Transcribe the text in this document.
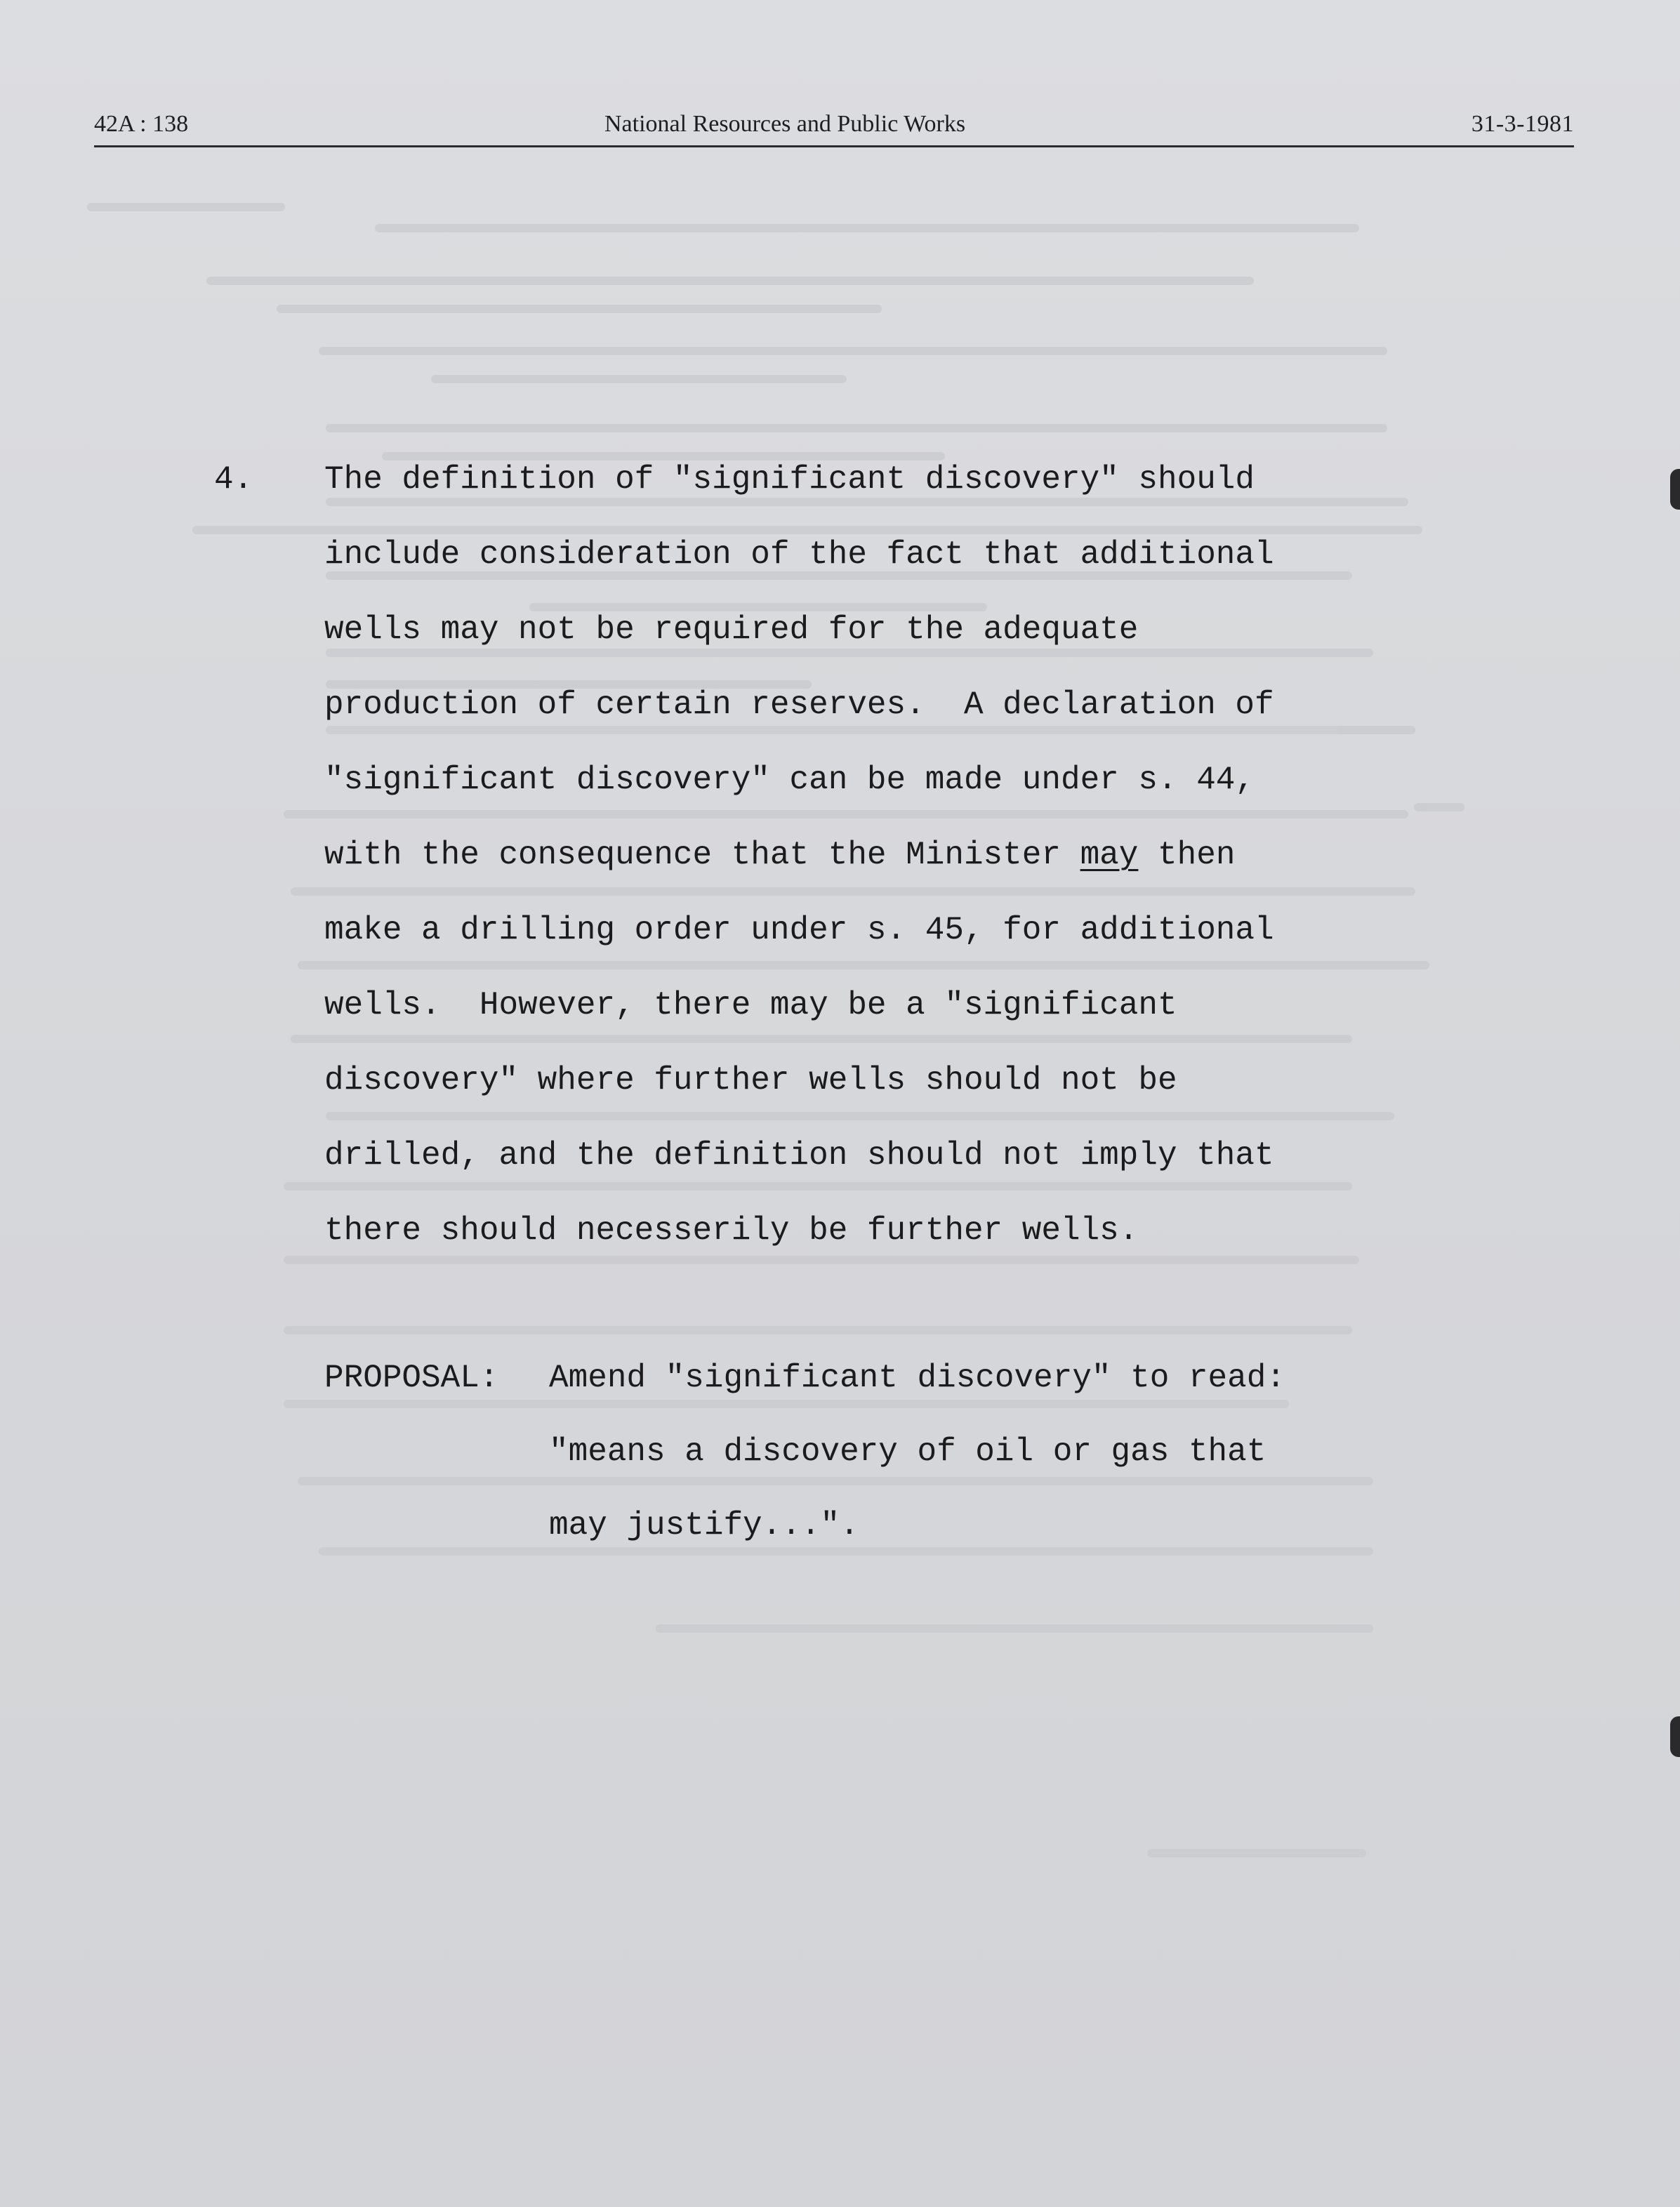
42A : 138	National Resources and Public Works	31-3-1981
4. The definition of "significant discovery" should
include consideration of the fact that additional
wells may not be required for the adequate
production of certain reserves.  A declaration of
"significant discovery" can be made under s. 44,
with the consequence that the Minister may then
make a drilling order under s. 45, for additional
wells.  However, there may be a "significant
discovery" where further wells should not be
drilled, and the definition should not imply that
there should necesserily be further wells.
PROPOSAL: Amend "significant discovery" to read:
"means a discovery of oil or gas that
may justify...".
